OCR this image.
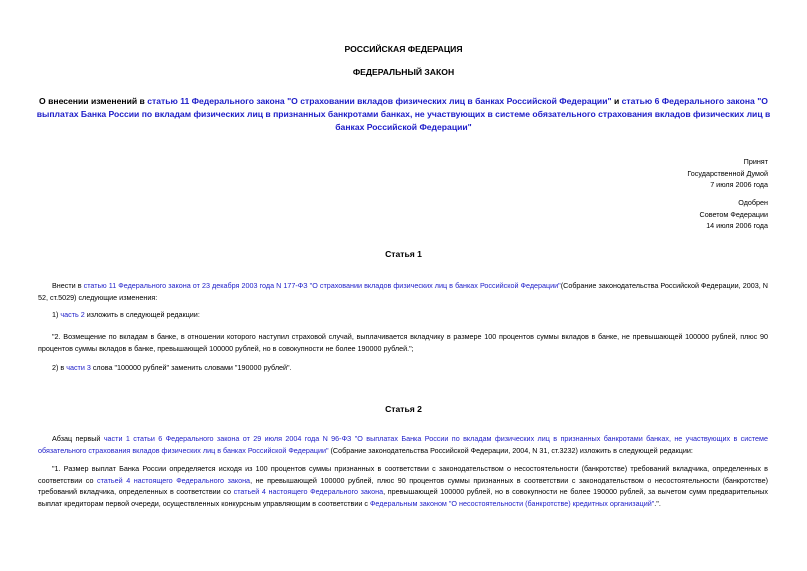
РОССИЙСКАЯ ФЕДЕРАЦИЯ
ФЕДЕРАЛЬНЫЙ ЗАКОН
О внесении изменений в статью 11 Федерального закона "О страховании вкладов физических лиц в банках Российской Федерации" и статью 6 Федерального закона "О выплатах Банка России по вкладам физических лиц в признанных банкротами банках, не участвующих в системе обязательного страхования вкладов физических лиц в банках Российской Федерации"
Принят
Государственной Думой
7 июля 2006 года
Одобрен
Советом Федерации
14 июля 2006 года
Статья 1
Внести в статью 11 Федерального закона от 23 декабря 2003 года N 177-ФЗ "О страховании вкладов физических лиц в банках Российской Федерации"(Собрание законодательства Российской Федерации, 2003, N 52, ст.5029) следующие изменения:
1) часть 2 изложить в следующей редакции:
"2. Возмещение по вкладам в банке, в отношении которого наступил страховой случай, выплачивается вкладчику в размере 100 процентов суммы вкладов в банке, не превышающей 100000 рублей, плюс 90 процентов суммы вкладов в банке, превышающей 100000 рублей, но в совокупности не более 190000 рублей.";
2) в части 3 слова "100000 рублей" заменить словами "190000 рублей".
Статья 2
Абзац первый части 1 статьи 6 Федерального закона от 29 июля 2004 года N 96-ФЗ "О выплатах Банка России по вкладам физических лиц в признанных банкротами банках, не участвующих в системе обязательного страхования вкладов физических лиц в банках Российской Федерации" (Собрание законодательства Российской Федерации, 2004, N 31, ст.3232) изложить в следующей редакции:
"1. Размер выплат Банка России определяется исходя из 100 процентов суммы признанных в соответствии с законодательством о несостоятельности (банкротстве) требований вкладчика, определенных в соответствии со статьей 4 настоящего Федерального закона, не превышающей 100000 рублей, плюс 90 процентов суммы признанных в соответствии с законодательством о несостоятельности (банкротстве) требований вкладчика, определенных в соответствии со статьей 4 настоящего Федерального закона, превышающей 100000 рублей, но в совокупности не более 190000 рублей, за вычетом сумм предварительных выплат кредиторам первой очереди, осуществленных конкурсным управляющим в соответствии с Федеральным законом "О несостоятельности (банкротстве) кредитных организаций".".
